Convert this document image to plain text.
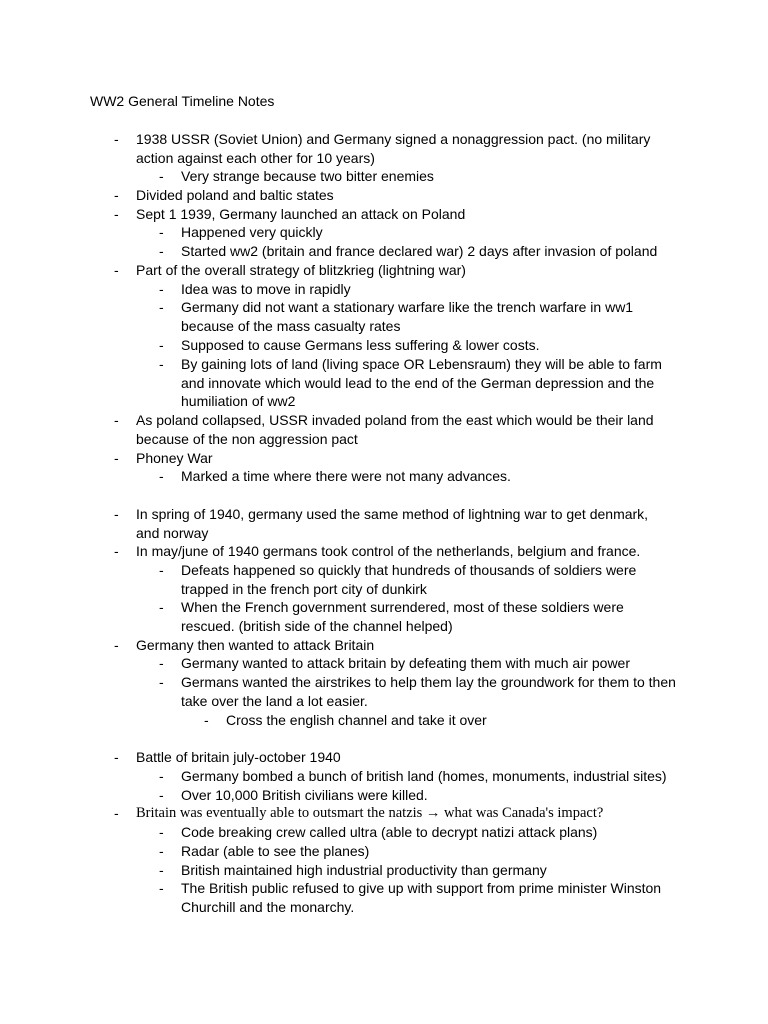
WW2 General Timeline Notes
- 1938 USSR (Soviet Union) and Germany signed a nonaggression pact. (no military action against each other for 10 years)
- Very strange because two bitter enemies
- Divided poland and baltic states
- Sept 1 1939, Germany launched an attack on Poland
- Happened very quickly
- Started ww2 (britain and france declared war) 2 days after invasion of poland
- Part of the overall strategy of blitzkrieg (lightning war)
- Idea was to move in rapidly
- Germany did not want a stationary warfare like the trench warfare in ww1 because of the mass casualty rates
- Supposed to cause Germans less suffering & lower costs.
- By gaining lots of land (living space OR Lebensraum) they will be able to farm and innovate which would lead to the end of the German depression and the humiliation of ww2
- As poland collapsed, USSR invaded poland from the east which would be their land because of the non aggression pact
- Phoney War
- Marked a time where there were not many advances.
- In spring of 1940, germany used the same method of lightning war to get denmark, and norway
- In may/june of 1940 germans took control of the netherlands, belgium and france.
- Defeats happened so quickly that hundreds of thousands of soldiers were trapped in the french port city of dunkirk
- When the French government surrendered, most of these soldiers were rescued. (british side of the channel helped)
- Germany then wanted to attack Britain
- Germany wanted to attack britain by defeating them with much air power
- Germans wanted the airstrikes to help them lay the groundwork for them to then take over the land a lot easier.
- Cross the english channel and take it over
- Battle of britain july-october 1940
- Germany bombed a bunch of british land (homes, monuments, industrial sites)
- Over 10,000 British civilians were killed.
- Britain was eventually able to outsmart the natzis → what was Canada's impact?
- Code breaking crew called ultra (able to decrypt natizi attack plans)
- Radar (able to see the planes)
- British maintained high industrial productivity than germany
- The British public refused to give up with support from prime minister Winston Churchill and the monarchy.
